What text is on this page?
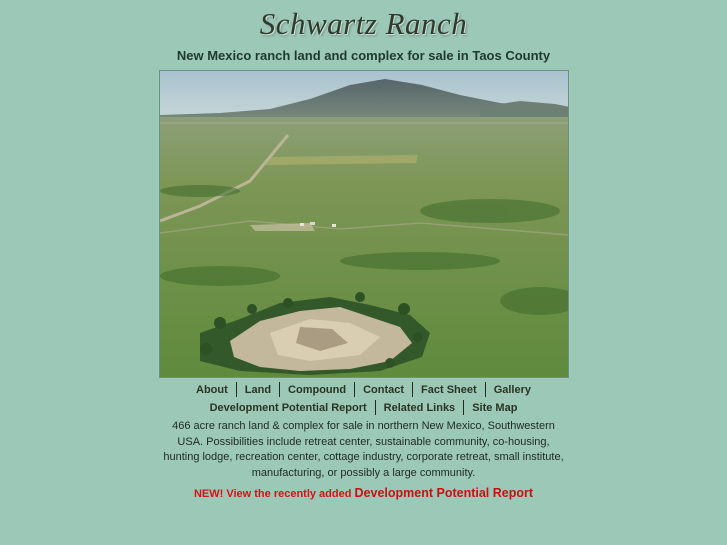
Schwartz Ranch
New Mexico ranch land and complex for sale in Taos County
About Land Compound Contact Fact Sheet Gallery
Development Potential Report Related Links Site Map
466 acre ranch land & complex for sale in northern New Mexico, Southwestern
USA. Possibilities include retreat center, sustainable community, co-housing,
hunting lodge, recreation center, cottage industry, corporate retreat, small institute,
manufacturing, or possibly a large community.
NEW! View the recently added Development Potential Report
